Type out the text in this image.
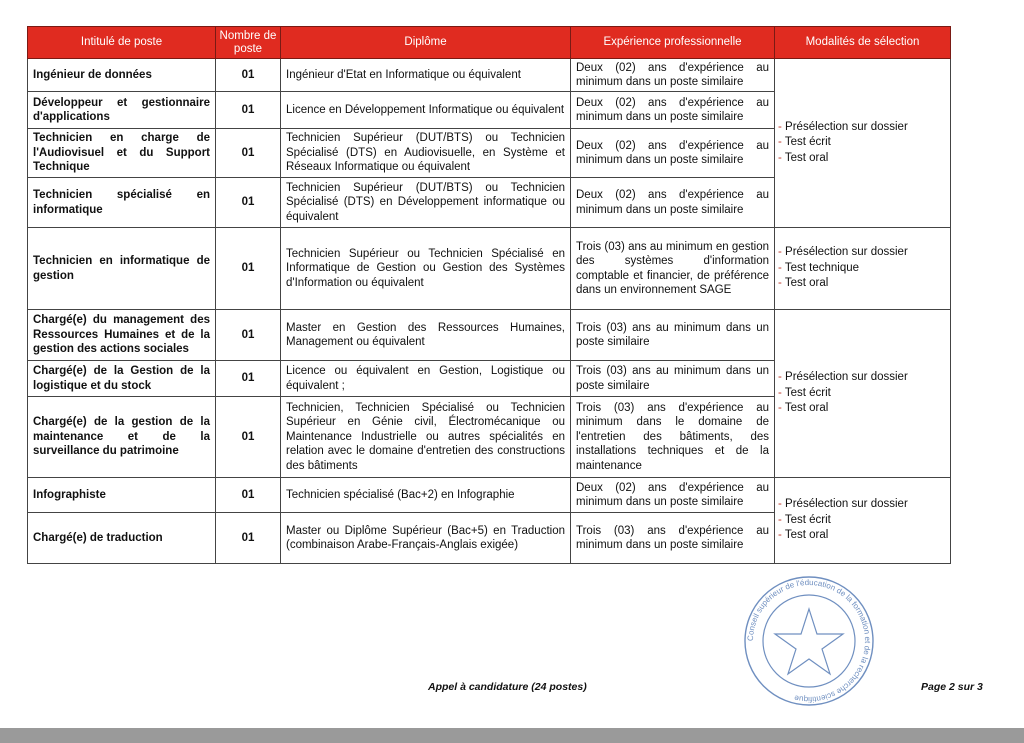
Intitulé de poste	Nombre de poste	Diplôme	Expérience professionnelle	Modalités de sélection
Ingénieur de données	01	Ingénieur d'Etat en Informatique ou équivalent	Deux (02) ans d'expérience au minimum dans un poste similaire	- Présélection sur dossier
- Test écrit
- Test oral

Développeur et gestionnaire d'applications	01	Licence en Développement Informatique ou équivalent	Deux (02) ans d'expérience au minimum dans un poste similaire	
Technicien en charge de l'Audiovisuel et du Support Technique	01	Technicien Supérieur (DUT/BTS) ou Technicien Spécialisé (DTS) en Audiovisuelle, en Système et Réseaux Informatique ou équivalent	Deux (02) ans d'expérience au minimum dans un poste similaire	
Technicien spécialisé en informatique	01	Technicien Supérieur (DUT/BTS) ou Technicien Spécialisé (DTS) en Développement informatique ou équivalent	Deux (02) ans d'expérience au minimum dans un poste similaire	
Technicien en informatique de gestion	01	Technicien Supérieur ou Technicien Spécialisé en Informatique de Gestion ou Gestion des Systèmes d'Information ou équivalent	Trois (03) ans au minimum en gestion des systèmes d'information comptable et financier, de préférence dans un environnement SAGE	- Présélection sur dossier
- Test technique
- Test oral

Chargé(e) du management des Ressources Humaines et de la gestion des actions sociales	01	Master en Gestion des Ressources Humaines, Management ou équivalent	Trois (03) ans au minimum dans un poste similaire	- Présélection sur dossier
- Test écrit
- Test oral

Chargé(e) de la Gestion de la logistique et du stock	01	Licence ou équivalent en Gestion, Logistique ou équivalent ;	Trois (03) ans au minimum dans un poste similaire	
Chargé(e) de la gestion de la maintenance et de la surveillance du patrimoine	01	Technicien, Technicien Spécialisé ou Technicien Supérieur en Génie civil, Électromécanique ou Maintenance Industrielle ou autres spécialités en relation avec le domaine d'entretien des constructions des bâtiments	Trois (03) ans d'expérience au minimum dans le domaine de l'entretien des bâtiments, des installations techniques et de la maintenance	
Infographiste	01	Technicien spécialisé (Bac+2) en Infographie	Deux (02) ans d'expérience au minimum dans un poste similaire	- Présélection sur dossier
- Test écrit
- Test oral

Chargé(e) de traduction	01	Master ou Diplôme Supérieur (Bac+5) en Traduction (combinaison Arabe-Français-Anglais exigée)	Trois (03) ans d'expérience au minimum dans un poste similaire	
Conseil supérieur de l'éducation de la formation et de la recherche scientifique
Appel à candidature (24 postes)	Page 2 sur 3
